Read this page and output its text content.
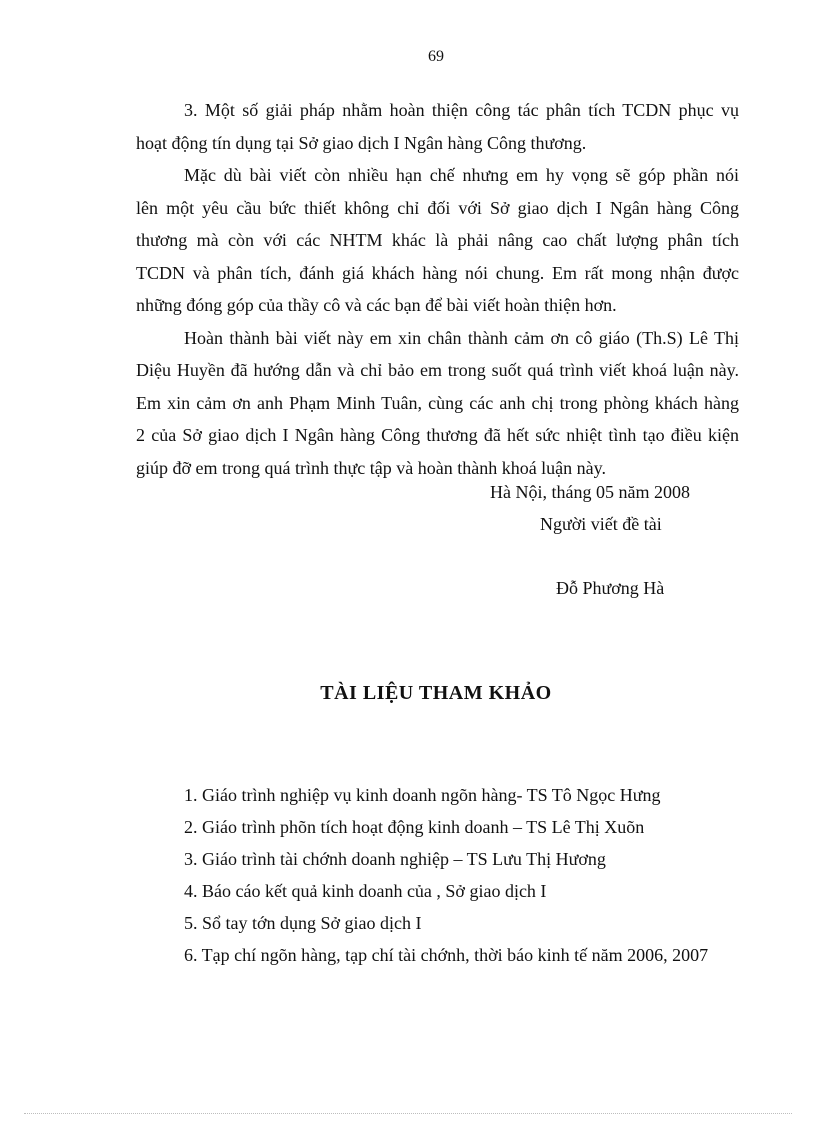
69

3. Một số giải pháp nhằm hoàn thiện công tác phân tích TCDN phục vụ
hoạt động tín dụng tại Sở giao dịch I Ngân hàng Công thương.

Mặc dù bài viết còn nhiều hạn chế nhưng em hy vọng sẽ góp phần nói
lên một yêu cầu bức thiết không chỉ đối với Sở giao dịch I Ngân hàng Công
thương mà còn với các NHTM khác là phải nâng cao chất lượng phân tích
TCDN và phân tích, đánh giá khách hàng nói chung. Em rất mong nhận được
những đóng góp của thầy cô và các bạn để bài viết hoàn thiện hơn.

Hoàn thành bài viết này em xin chân thành cảm ơn cô giáo (Th.S) Lê Thị
Diệu Huyền đã hướng dẫn và chỉ bảo em trong suốt quá trình viết khoá luận này.
Em xin cảm ơn anh Phạm Minh Tuân, cùng các anh chị trong phòng khách hàng
2 của Sở giao dịch I Ngân hàng Công thương đã hết sức nhiệt tình tạo điều kiện
giúp đỡ em trong quá trình thực tập và hoàn thành khoá luận này.

Hà Nội, tháng 05 năm 2008
Người viết đề tài
Đỗ Phương Hà
TÀI LIỆU THAM KHẢO
1. Giáo trình nghiệp vụ kinh doanh ngõn hàng- TS Tô Ngọc Hưng
2. Giáo trình phõn tích hoạt động kinh doanh – TS Lê Thị Xuõn
3. Giáo trình tài chớnh doanh nghiệp – TS Lưu Thị Hương
4. Báo cáo kết quả kinh doanh của , Sở giao dịch I
5. Sổ tay tớn dụng Sở giao dịch I
6. Tạp chí ngõn hàng, tạp chí tài chớnh, thời báo kinh tế năm 2006, 2007
